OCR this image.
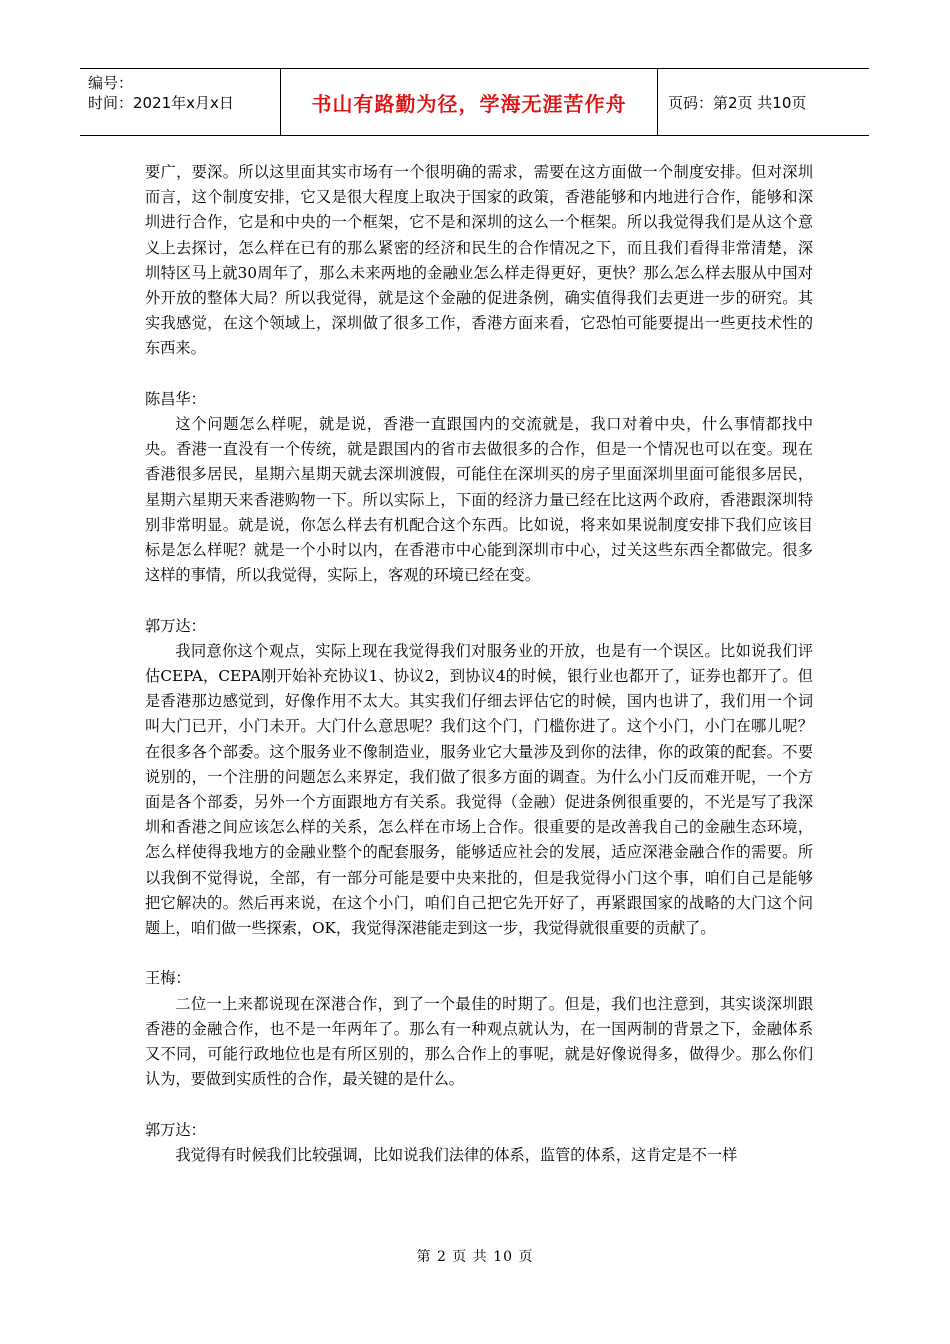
编号：
时间：2021年x月x日	书山有路勤为径，学海无涯苦作舟	页码：第2页 共10页

要广，要深。所以这里面其实市场有一个很明确的需求，需要在这方面做一个制度安排。但对深圳而言，这个制度安排，它又是很大程度上取决于国家的政策，香港能够和内地进行合作，能够和深圳进行合作，它是和中央的一个框架，它不是和深圳的这么一个框架。所以我觉得我们是从这个意义上去探讨，怎么样在已有的那么紧密的经济和民生的合作情况之下，而且我们看得非常清楚，深圳特区马上就30周年了，那么未来两地的金融业怎么样走得更好，更快？那么怎么样去服从中国对外开放的整体大局？所以我觉得，就是这个金融的促进条例，确实值得我们去更进一步的研究。其实我感觉，在这个领域上，深圳做了很多工作，香港方面来看，它恐怕可能要提出一些更技术性的东西来。

陈昌华：

这个问题怎么样呢，就是说，香港一直跟国内的交流就是，我口对着中央，什么事情都找中央。香港一直没有一个传统，就是跟国内的省市去做很多的合作，但是一个情况也可以在变。现在香港很多居民，星期六星期天就去深圳渡假，可能住在深圳买的房子里面深圳里面可能很多居民，星期六星期天来香港购物一下。所以实际上，下面的经济力量已经在比这两个政府，香港跟深圳特别非常明显。就是说，你怎么样去有机配合这个东西。比如说，将来如果说制度安排下我们应该目标是怎么样呢？就是一个小时以内，在香港市中心能到深圳市中心，过关这些东西全都做完。很多这样的事情，所以我觉得，实际上，客观的环境已经在变。

郭万达：

我同意你这个观点，实际上现在我觉得我们对服务业的开放，也是有一个误区。比如说我们评估CEPA，CEPA刚开始补充协议1、协议2，到协议4的时候，银行业也都开了，证券也都开了。但是香港那边感觉到，好像作用不太大。其实我们仔细去评估它的时候，国内也讲了，我们用一个词叫大门已开，小门未开。大门什么意思呢？我们这个门，门槛你进了。这个小门，小门在哪儿呢？在很多各个部委。这个服务业不像制造业，服务业它大量涉及到你的法律，你的政策的配套。不要说别的，一个注册的问题怎么来界定，我们做了很多方面的调查。为什么小门反而难开呢，一个方面是各个部委，另外一个方面跟地方有关系。我觉得（金融）促进条例很重要的，不光是写了我深圳和香港之间应该怎么样的关系，怎么样在市场上合作。很重要的是改善我自己的金融生态环境，怎么样使得我地方的金融业整个的配套服务，能够适应社会的发展，适应深港金融合作的需要。所以我倒不觉得说，全部，有一部分可能是要中央来批的，但是我觉得小门这个事，咱们自己是能够把它解决的。然后再来说，在这个小门，咱们自己把它先开好了，再紧跟国家的战略的大门这个问题上，咱们做一些探索，OK，我觉得深港能走到这一步，我觉得就很重要的贡献了。

王梅：

二位一上来都说现在深港合作，到了一个最佳的时期了。但是，我们也注意到，其实谈深圳跟香港的金融合作，也不是一年两年了。那么有一种观点就认为，在一国两制的背景之下，金融体系又不同，可能行政地位也是有所区别的，那么合作上的事呢，就是好像说得多，做得少。那么你们认为，要做到实质性的合作，最关键的是什么。

郭万达：

我觉得有时候我们比较强调，比如说我们法律的体系，监管的体系，这肯定是不一样

第 2 页 共 10 页
